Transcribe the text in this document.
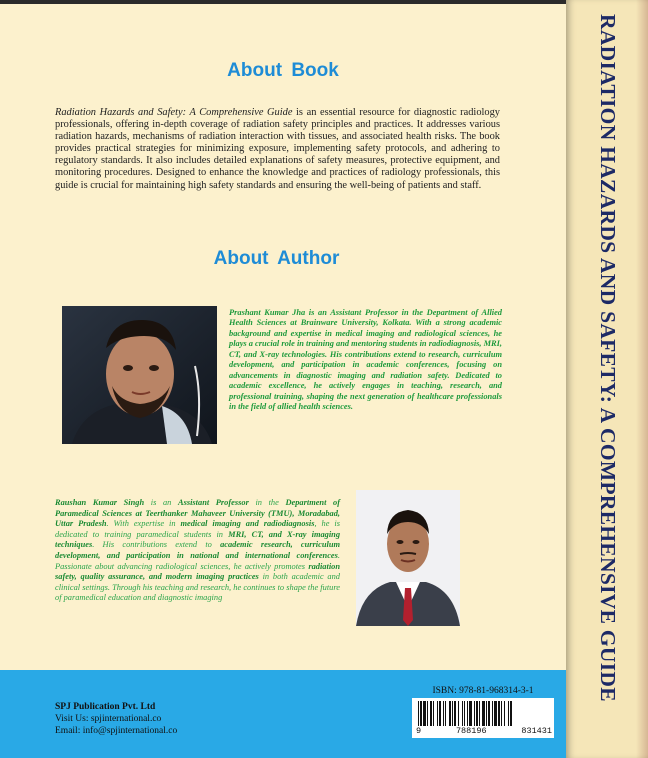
RADIATION HAZARDS AND SAFETY: A COMPREHENSIVE GUIDE
About Book
Radiation Hazards and Safety: A Comprehensive Guide is an essential resource for diagnostic radiology professionals, offering in-depth coverage of radiation safety principles and practices. It addresses various radiation hazards, mechanisms of radiation interaction with tissues, and associated health risks. The book provides practical strategies for minimizing exposure, implementing safety protocols, and adhering to regulatory standards. It also includes detailed explanations of safety measures, protective equipment, and monitoring procedures. Designed to enhance the knowledge and practices of radiology professionals, this guide is crucial for maintaining high safety standards and ensuring the well-being of patients and staff.
About Author
Prashant Kumar Jha is an Assistant Professor in the Department of Allied Health Sciences at Brainware University, Kolkata. With a strong academic background and expertise in medical imaging and radiological sciences, he plays a crucial role in training and mentoring students in radiodiagnosis, MRI, CT, and X-ray technologies. His contributions extend to research, curriculum development, and participation in academic conferences, focusing on advancements in diagnostic imaging and radiation safety. Dedicated to academic excellence, he actively engages in teaching, research, and professional training, shaping the next generation of healthcare professionals in the field of allied health sciences.
Raushan Kumar Singh is an Assistant Professor in the Department of Paramedical Sciences at Teerthanker Mahaveer University (TMU), Moradabad, Uttar Pradesh. With expertise in medical imaging and radiodiagnosis, he is dedicated to training paramedical students in MRI, CT, and X-ray imaging techniques. His contributions extend to academic research, curriculum development, and participation in national and international conferences. Passionate about advancing radiological sciences, he actively promotes radiation safety, quality assurance, and modern imaging practices in both academic and clinical settings. Through his teaching and research, he continues to shape the future of paramedical education and diagnostic imaging
SPJ Publication Pvt. Ltd
Visit Us: spjinternational.co
Email: info@spjinternational.co
ISBN: 978-81-968314-3-1
9	788196	831431
